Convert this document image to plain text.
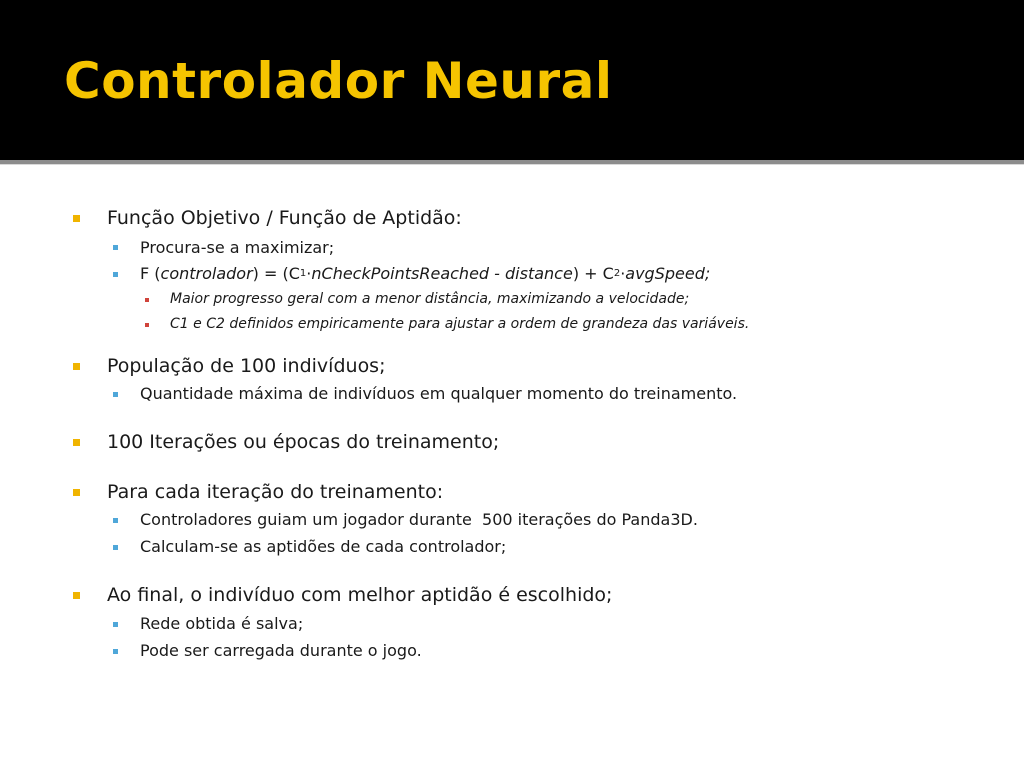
Controlador Neural
Função Objetivo / Função de Aptidão:
Procura-se a maximizar;
F ( controlador ) = (C 1 · nCheckPointsReached - distance ) + C 2 · avgSpeed;
Maior progresso geral com a menor distância, maximizando a velocidade;
C1 e C2 definidos empiricamente para ajustar a ordem de grandeza das variáveis.
População de 100 indivíduos;
Quantidade máxima de indivíduos em qualquer momento do treinamento.
100 Iterações ou épocas do treinamento;
Para cada iteração do treinamento:
Controladores guiam um jogador durante  500 iterações do Panda3D.
Calculam-se as aptidões de cada controlador;
Ao final, o indivíduo com melhor aptidão é escolhido;
Rede obtida é salva;
Pode ser carregada durante o jogo.
